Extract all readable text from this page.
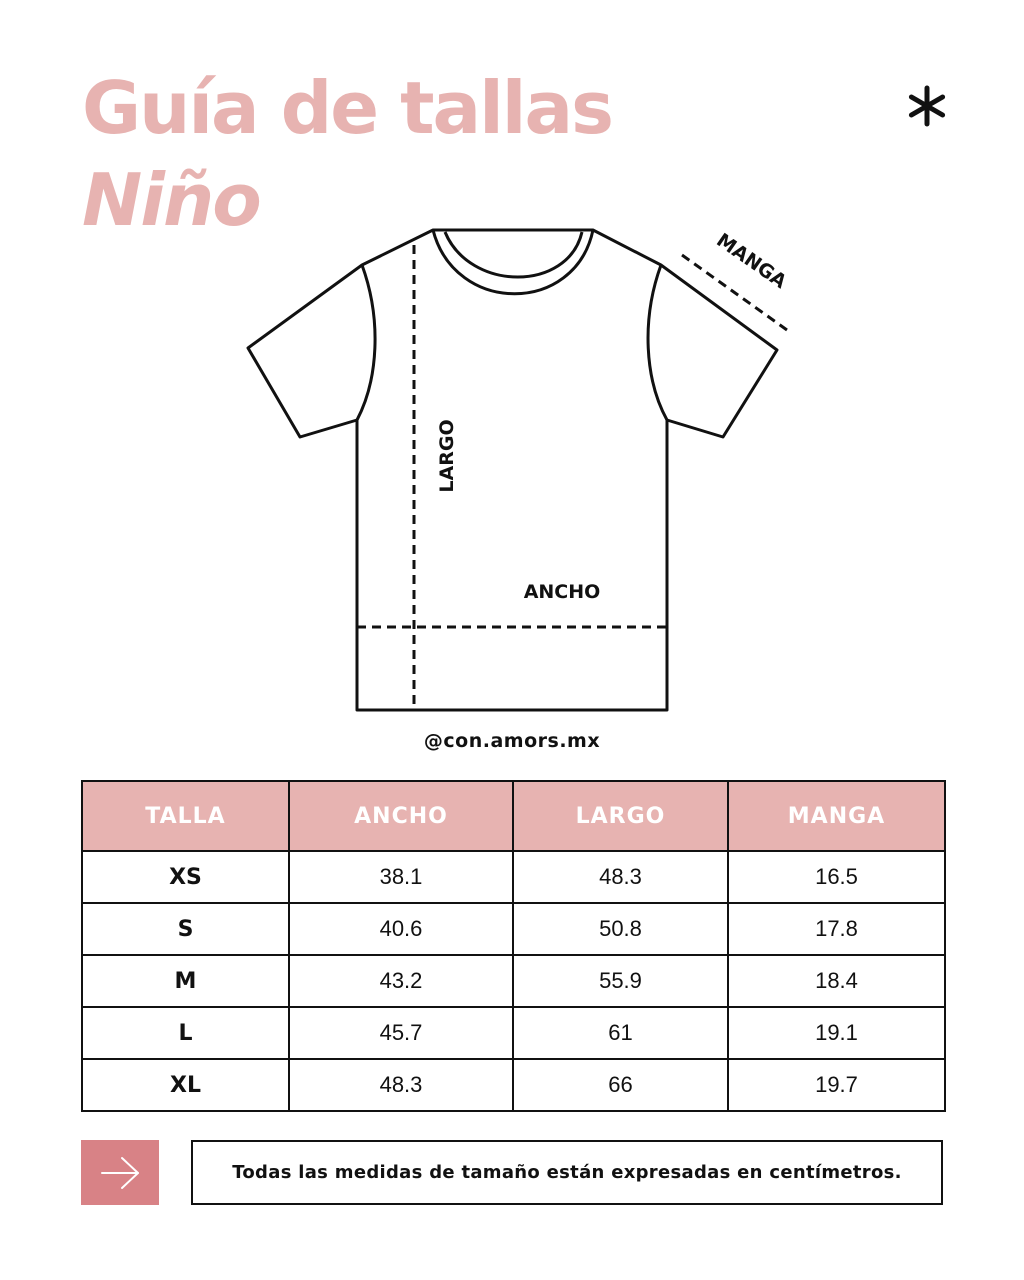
Guía de tallas
Niño
MANGA
LARGO
ANCHO
@con.amors.mx
TALLA	ANCHO	LARGO	MANGA
XS	38.1	48.3	16.5
S	40.6	50.8	17.8
M	43.2	55.9	18.4
L	45.7	61	19.1
XL	48.3	66	19.7
Todas las medidas de tamaño están expresadas en centímetros.
